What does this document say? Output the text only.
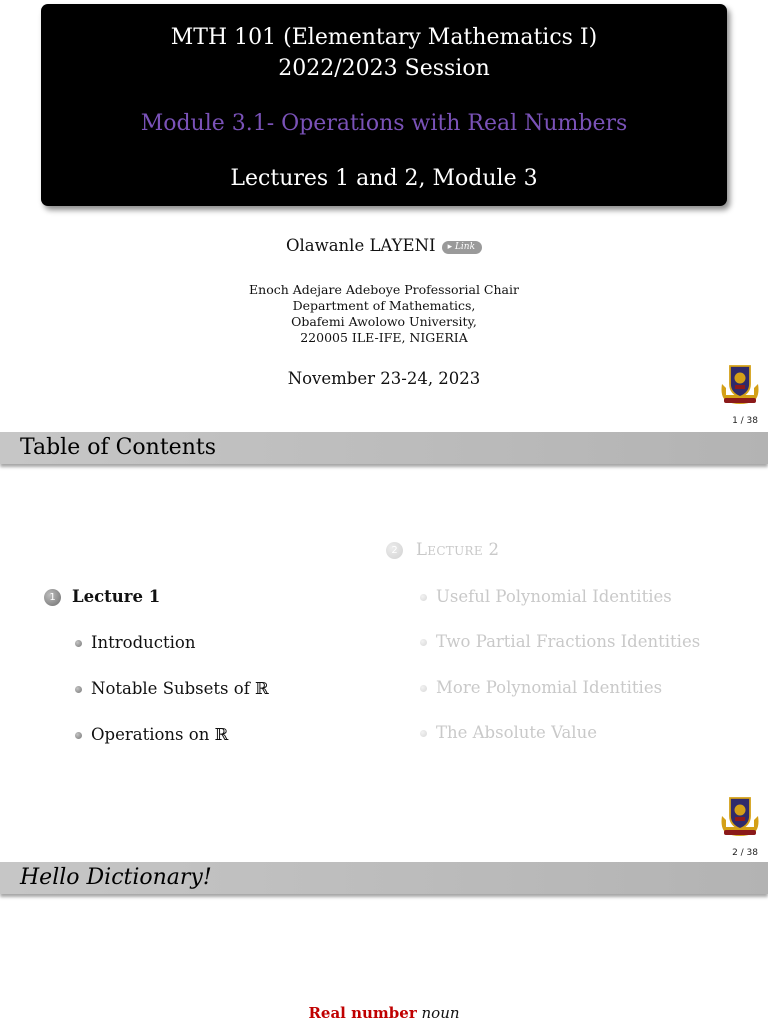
MTH 101 (Elementary Mathematics I)
2022/2023 Session
Module 3.1- Operations with Real Numbers
Lectures 1 and 2, Module 3
Olawanle LAYENI ▸ Link
Enoch Adejare Adeboye Professorial Chair
Department of Mathematics,
Obafemi Awolowo University,
220005 ILE-IFE, NIGERIA
November 23-24, 2023
1 / 38
Table of Contents
2	Lecture 2
Useful Polynomial Identities
Two Partial Fractions Identities
More Polynomial Identities
The Absolute Value
1 Lecture 1
Introduction
Notable Subsets of ℝ
Operations on ℝ
2 / 38
Hello Dictionary!
Real number noun
